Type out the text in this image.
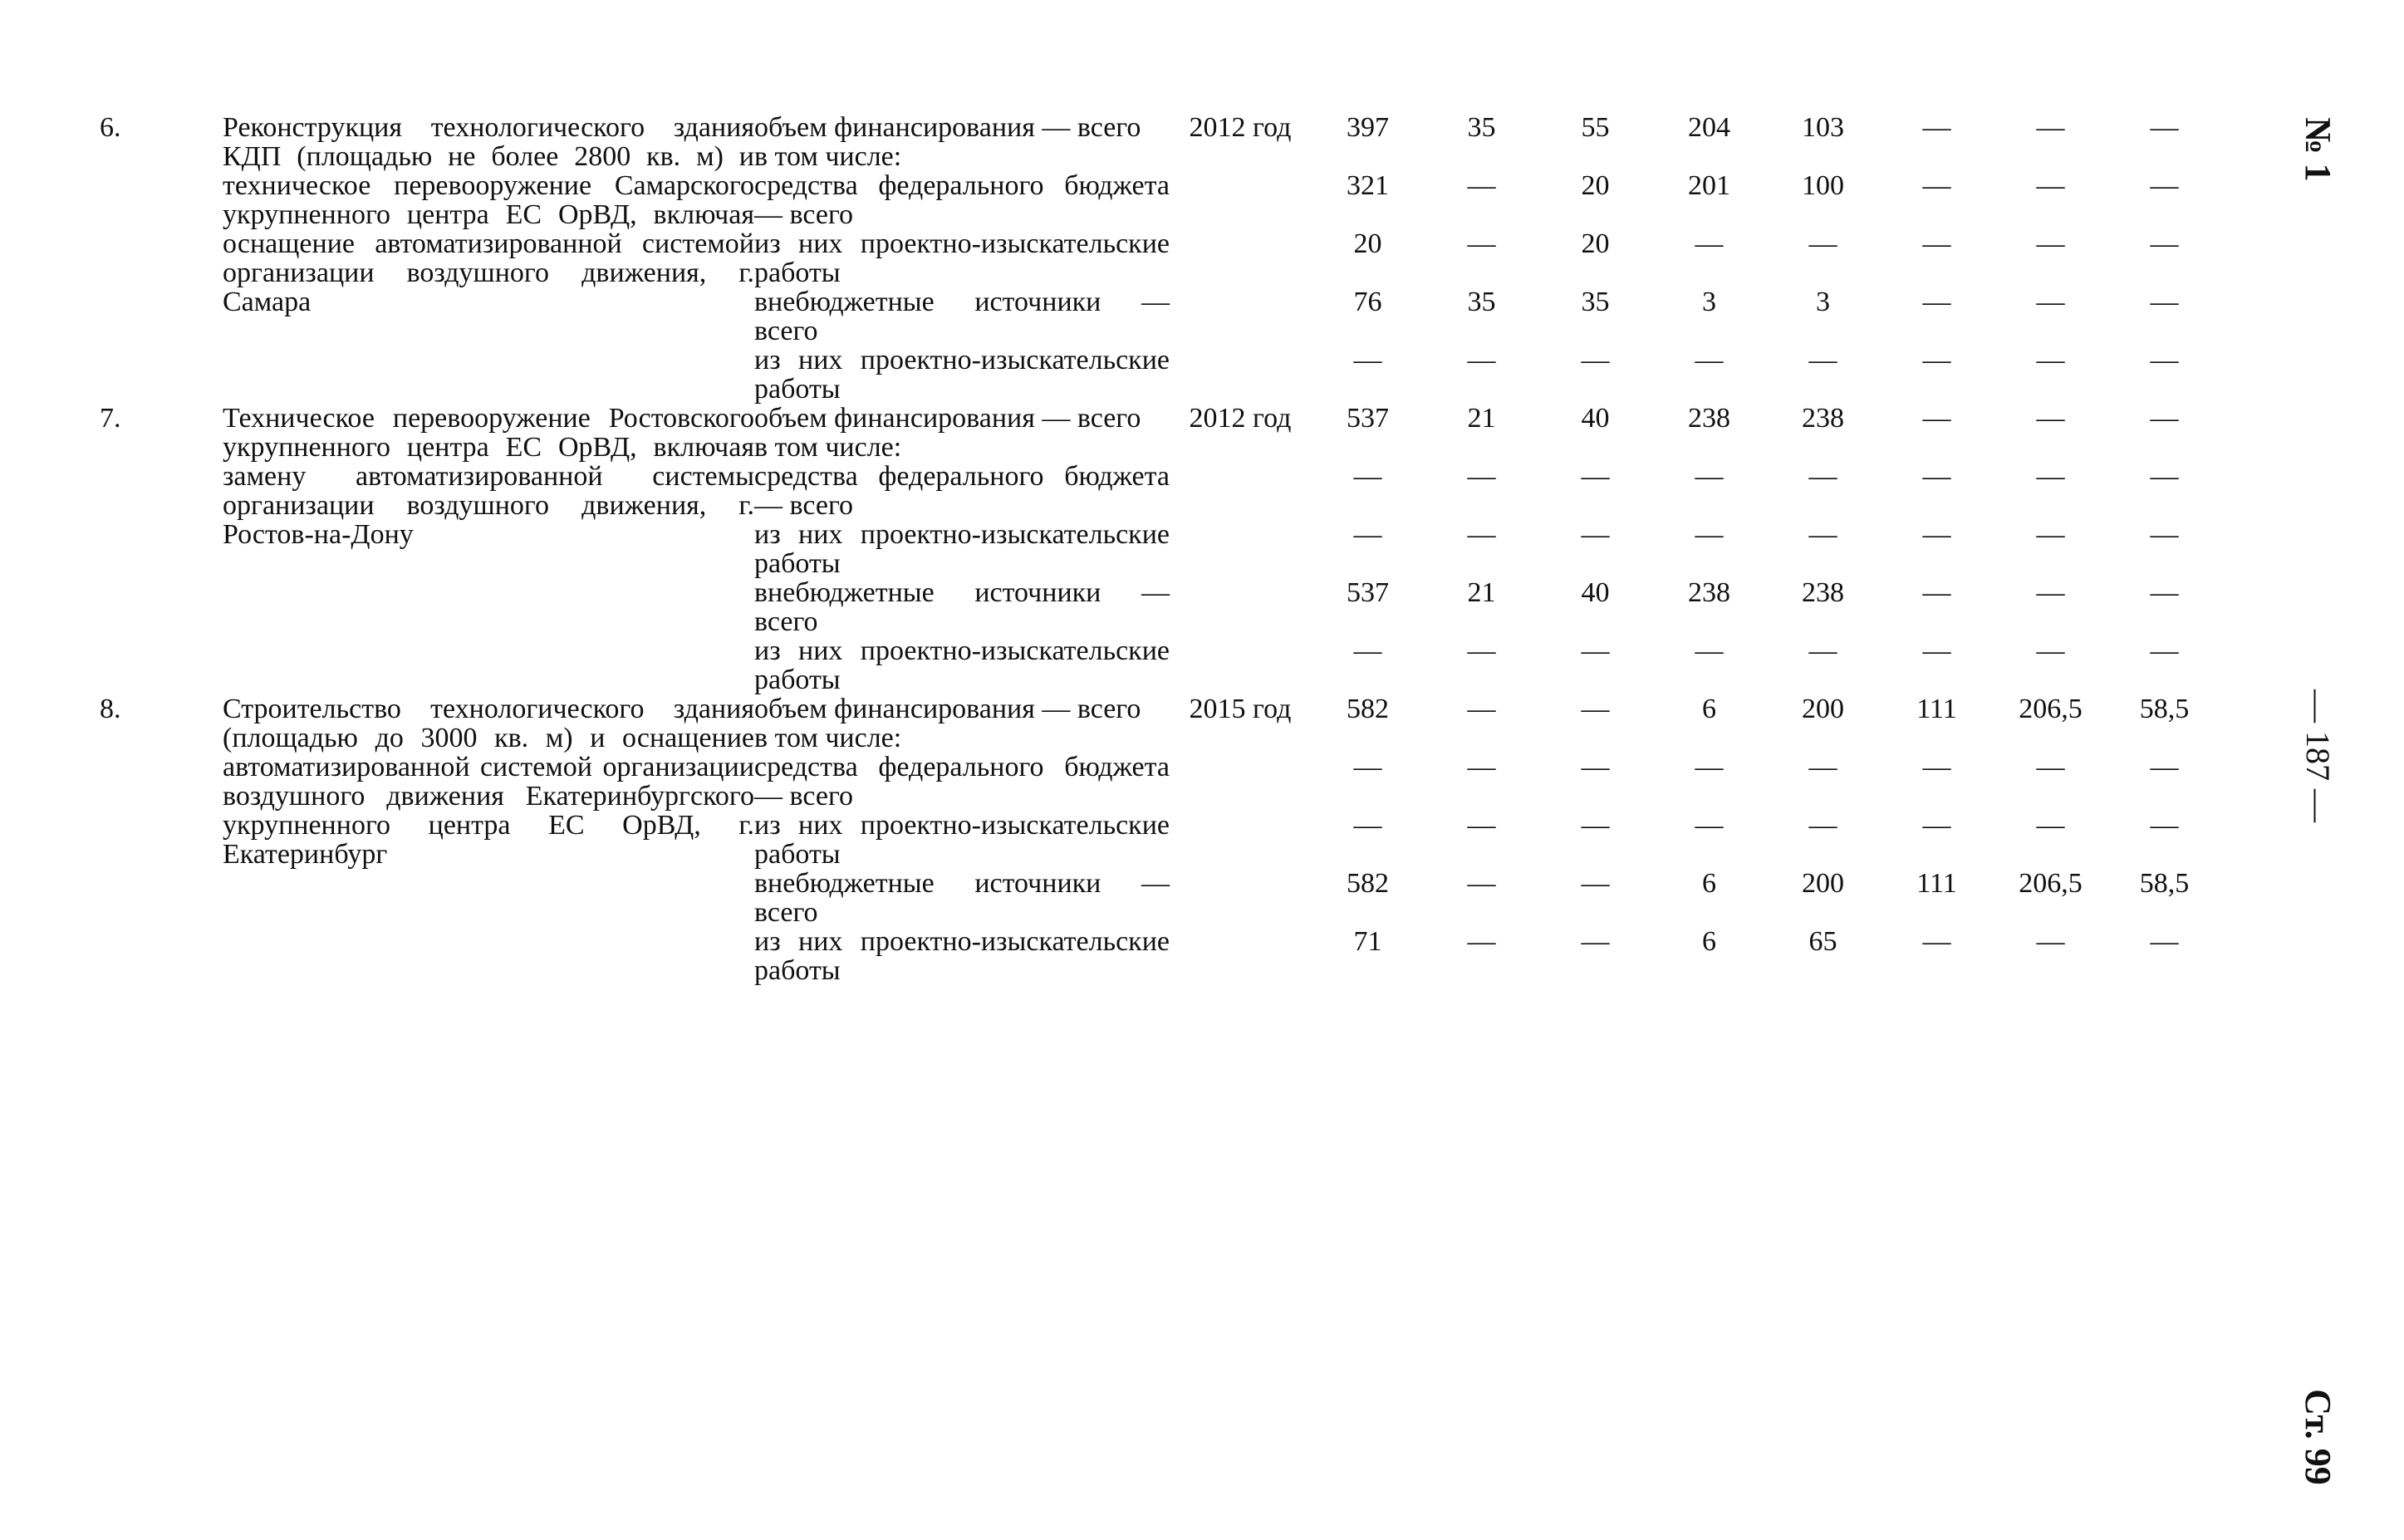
6.	Реконструкция технологического здания КДП (площадью не более 2800 кв. м) и техническое перевооружение Самарского укрупненного центра ЕС ОрВД, включая оснащение автоматизированной системой организации воздушного движения, г. Самара	объем финансирования — всего	2012 год	397	35	55	204	103	—	—	—
		в том числе:									
		средства федерального бюджета — всего		321	—	20	201	100	—	—	—
		из них проектно-изыскательские работы		20	—	20	—	—	—	—	—
		внебюджетные источники — всего		76	35	35	3	3	—	—	—
		из них проектно-изыскательские работы		—	—	—	—	—	—	—	—
7.	Техническое перевооружение Ростовского укрупненного центра ЕС ОрВД, включая замену автоматизированной системы организации воздушного движения, г. Ростов-на-Дону	объем финансирования — всего	2012 год	537	21	40	238	238	—	—	—
		в том числе:									
		средства федерального бюджета — всего		—	—	—	—	—	—	—	—
		из них проектно-изыскательские работы		—	—	—	—	—	—	—	—
		внебюджетные источники — всего		537	21	40	238	238	—	—	—
		из них проектно-изыскательские работы		—	—	—	—	—	—	—	—
8.	Строительство технологического здания (площадью до 3000 кв. м) и оснащение автоматизированной системой организации воздушного движения Екатеринбургского укрупненного центра ЕС ОрВД, г. Екатеринбург	объем финансирования — всего	2015 год	582	—	—	6	200	111	206,5	58,5
		в том числе:									
		средства федерального бюджета — всего		—	—	—	—	—	—	—	—
		из них проектно-изыскательские работы		—	—	—	—	—	—	—	—
		внебюджетные источники — всего		582	—	—	6	200	111	206,5	58,5
		из них проектно-изыскательские работы		71	—	—	6	65	—	—	—
№ 1
— 187 —
Ст. 99
